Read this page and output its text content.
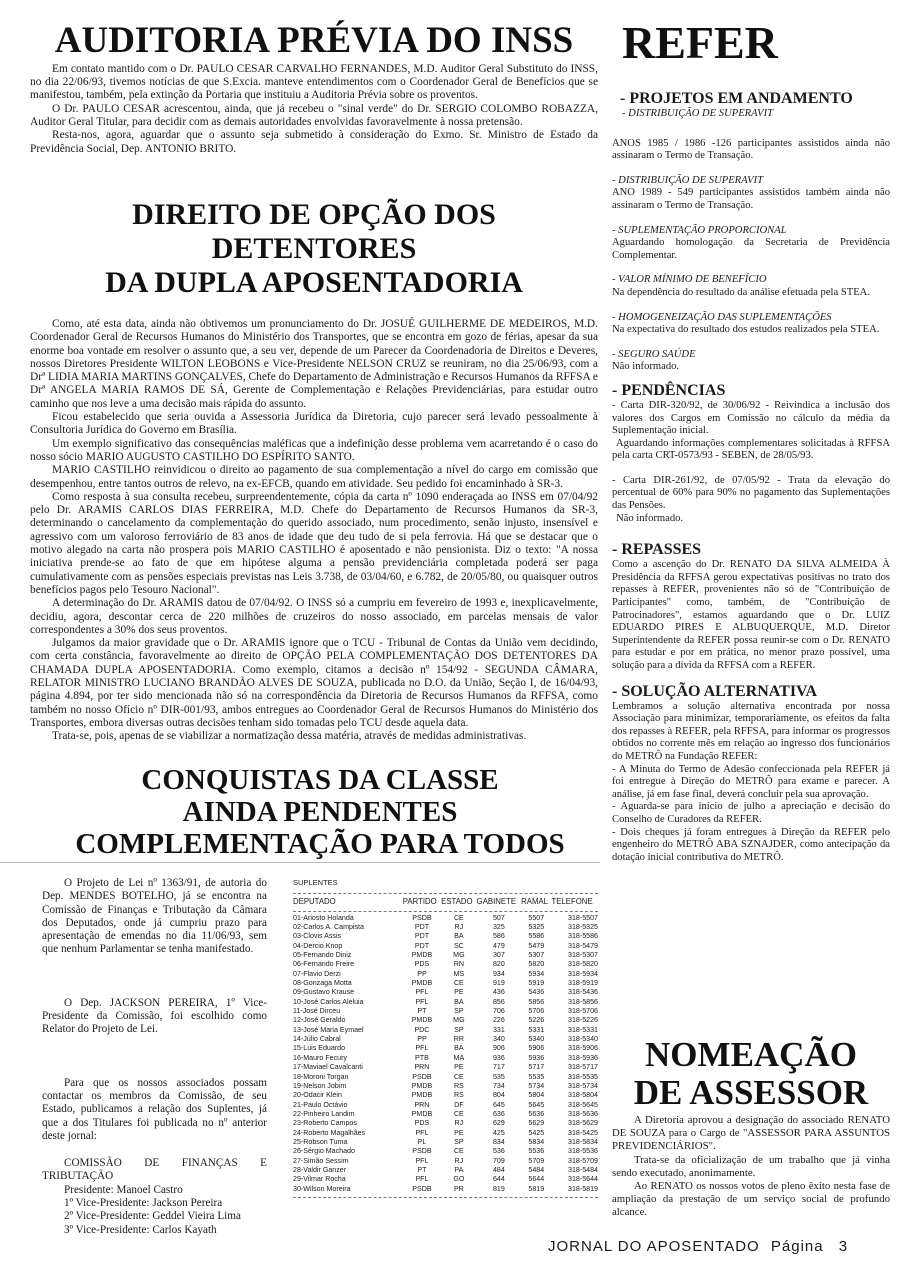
AUDITORIA PRÉVIA DO INSS

Em contato mantido com o Dr. PAULO CESAR CARVALHO FERNANDES, M.D. Auditor Geral Substituto do INSS, no dia 22/06/93, tivemos notícias de que S.Excia. manteve entendimentos com o Coordenador Geral de Benefícios que se manifestou, também, pela extinção da Portaria que instituiu a Auditoria Prévia sobre os proventos.

O Dr. PAULO CESAR acrescentou, ainda, que já recebeu o "sinal verde" do Dr. SERGIO COLOMBO ROBAZZA, Auditor Geral Titular, para decidir com as demais autoridades envolvidas favoravelmente à nossa pretensão.

Resta-nos, agora, aguardar que o assunto seja submetido à consideração do Exmo. Sr. Ministro de Estado da Previdência Social, Dep. ANTONIO BRITO.

DIREITO DE OPÇÃO DOS DETENTORES
DA DUPLA APOSENTADORIA

Como, até esta data, ainda não obtivemos um pronunciamento do Dr. JOSUÉ GUILHERME DE MEDEIROS, M.D. Coordenador Geral de Recursos Humanos do Ministério dos Transportes, que se encontra em gozo de férias, apesar da sua enorme boa vontade em resolver o assunto que, a seu ver, depende de um Parecer da Coordenadoria de Direitos e Deveres, nossos Diretores Presidente WILTON LEOBONS e Vice-Presidente NELSON CRUZ se reuniram, no dia 25/06/93, com a Drª LIDIA MARIA MARTINS GONÇALVES, Chefe do Departamento de Administração e Recursos Humanos da RFFSA e Drª ANGELA MARIA RAMOS DE SÁ, Gerente de Complementação e Relações Previdenciárias, para estudar outro caminho que nos leve a uma decisão mais rápida do assunto.

Ficou estabelecido que seria ouvida a Assessoria Jurídica da Diretoria, cujo parecer será levado pessoalmente à Consultoria Jurídica do Governo em Brasília.

Um exemplo significativo das consequências maléficas que a indefinição desse problema vem acarretando é o caso do nosso sócio MARIO AUGUSTO CASTILHO DO ESPÍRITO SANTO.

MARIO CASTILHO reinvidicou o direito ao pagamento de sua complementação a nível do cargo em comissão que desempenhou, entre tantos outros de relevo, na ex-EFCB, quando em atividade. Seu pedido foi encaminhado à SR-3.

Como resposta à sua consulta recebeu, surpreendentemente, cópia da carta nº 1090 enderaçada ao INSS em 07/04/92 pelo Dr. ARAMIS CARLOS DIAS FERREIRA, M.D. Chefe do Departamento de Recursos Humanos da SR-3, determinando o cancelamento da complementação do querido associado, num procedimento, senão injusto, insensível e agressivo com um valoroso ferroviário de 83 anos de idade que deu tudo de si pela ferrovia. Há que se destacar que o motivo alegado na carta não prospera pois MARIO CASTILHO é aposentado e não pensionista. Diz o texto: "A nossa iniciativa prende-se ao fato de que em hipótese alguma a pensão previdenciária completada poderá ser paga cumulativamente com as pensões especiais previstas nas Leis 3.738, de 03/04/60, e 6.782, de 20/05/80, ou quaisquer outros benefícios pagos pelo Tesouro Nacional".

A determinação do Dr. ARAMIS datou de 07/04/92. O INSS só a cumpriu em fevereiro de 1993 e, inexplicavelmente, decidiu, agora, descontar cerca de 220 milhões de cruzeiros do nosso associado, em parcelas mensais de valor correspondentes a 30% dos seus proventos.

Julgamos da maior gravidade que o Dr. ARAMIS ignore que o TCU - Tribunal de Contas da União vem decidindo, com certa constância, favoravelmente ao direito de OPÇÃO PELA COMPLEMENTAÇÃO DOS DETENTORES DA CHAMADA DUPLA APOSENTADORIA. Como exemplo, citamos a decisão nº 154/92 - SEGUNDA CÂMARA, RELATOR MINISTRO LUCIANO BRANDÃO ALVES DE SOUZA, publicada no D.O. da União, Seção I, de 16/04/93, página 4.894, por ter sido mencionada não só na correspondência da Diretoria de Recursos Humanos da RFFSA, como também no nosso Ofício nº DIR-001/93, ambos entregues ao Coordenador Geral de Recursos Humanos do Ministério dos Transportes, embora diversas outras decisões tenham sido tomadas pelo TCU desde aquela data.

Trata-se, pois, apenas de se viabilizar a normatização dessa matéria, através de medidas administrativas.

CONQUISTAS DA CLASSE
AINDA PENDENTES
COMPLEMENTAÇÃO PARA TODOS

O Projeto de Lei nº 1363/91, de autoria do Dep. MENDES BOTELHO, já se encontra na Comissão de Finanças e Tributação da Câmara dos Deputados, onde já cumpriu prazo para apresentação de emendas no dia 11/06/93, sem que nenhum Parlamentar se tenha manifestado.

O Dep. JACKSON PEREIRA, 1º Vice-Presidente da Comissão, foi escolhido como Relator do Projeto de Lei.

Para que os nossos associados possam contactar os membros da Comissão, de seu Estado, publicamos a relação dos Suplentes, já que a dos Titulares foi publicada no nº anterior deste jornal:

COMISSÃO DE FINANÇAS E TRIBUTAÇÃO

Presidente: Manoel Castro
1º Vice-Presidente: Jackson Pereira
2º Vice-Presidente: Geddel Vieira Lima
3º Vice-Presidente: Carlos Kayath
SUPLENTES
DEPUTADO	PARTIDO	ESTADO	GABINETE	RAMAL	TELEFONE

01-Ariosto Holanda	PSDB	CE	507	5507	318-5507
02-Carlos A. Campista	PDT	RJ	325	5325	318-5325
03-Clovis Assis	PDT	BA	586	5586	318-5586
04-Dercio Knop	PDT	SC	479	5479	318-5479
05-Fernando Diniz	PMDB	MG	307	5307	318-5307
06-Fernando Freire	PDS	RN	820	5820	318-5820
07-Flavio Derzi	PP	MS	934	5934	318-5934
08-Gonzaga Motta	PMDB	CE	919	5919	318-5919
09-Gustavo Krause	PFL	PE	436	5436	318-5436
10-José Carlos Aleluia	PFL	BA	856	5856	318-5856
11-José Dirceu	PT	SP	706	5706	318-5706
12-José Geraldo	PMDB	MG	226	5226	318-5226
13-José Maria Eymael	PDC	SP	331	5331	318-5331
14-Júlio Cabral	PP	RR	340	5340	318-5340
15-Luis Eduardo	PFL	BA	906	5906	318-5906
16-Mauro Fecury	PTB	MA	936	5936	318-5936
17-Maviael Cavalcanti	PRN	PE	717	5717	318-5717
18-Moroni Torgan	PSDB	CE	535	5535	318-5535
19-Nelson Jobim	PMDB	RS	734	5734	318-5734
20-Odacir Klein	PMDB	RS	804	5804	318-5804
21-Paulo Octávio	PRN	DF	645	5645	318-5645
22-Pinheiro Landim	PMDB	CE	636	5636	318-5636
23-Roberto Campos	PDS	RJ	629	5629	318-5629
24-Roberto Magalhães	PFL	PE	425	5425	318-5425
25-Robson Tuma	PL	SP	834	5834	318-5834
26-Sérgio Machado	PSDB	CE	536	5536	318-5536
27-Simão Sessim	PFL	RJ	709	5709	318-5709
28-Valdir Ganzer	PT	PA	484	5484	318-5484
29-Vilmar Rocha	PFL	GO	644	5644	318-5644
30-Wilson Moreira	PSDB	PR	819	5819	318-5819
REFER
- PROJETOS EM ANDAMENTO

- DISTRIBUIÇÃO DE SUPERAVIT

ANOS 1985 / 1986 -126 participantes assistidos ainda não assinaram o Termo de Transação.

- DISTRIBUIÇÃO DE SUPERAVIT

ANO 1989 - 549 participantes assistidos também ainda não assinaram o Termo de Transação.

- SUPLEMENTAÇÃO PROPORCIONAL

Aguardando homologação da Secretaria de Previdência Complementar.

- VALOR MÍNIMO DE BENEFÍCIO

Na dependência do resultado da análise efetuada pela STEA.

- HOMOGENEIZAÇÃO DAS SUPLEMENTAÇÕES

Na expectativa do resultado dos estudos realizados pela STEA.

- SEGURO SAÚDE

Não informado.

- PENDÊNCIAS

- Carta DIR-320/92, de 30/06/92 - Reivindica a inclusão dos valores dos Cargos em Comissão no cálculo da média da Suplementação inicial.

Aguardando informações complementares solicitadas à RFFSA pela carta CRT-0573/93 - SEBEN, de 28/05/93.

- Carta DIR-261/92, de 07/05/92 - Trata da elevação do percentual de 60% para 90% no pagamento das Suplementações das Pensões.

Não informado.

- REPASSES

Como a ascenção do Dr. RENATO DA SILVA ALMEIDA À Presidência da RFFSA gerou expectativas positivas no trato dos repasses à REFER, provenientes não só de "Contribuição de Participantes" como, também, de "Contribuição de Patrocinadores", estamos aguardando que o Dr. LUIZ EDUARDO PIRES E ALBUQUERQUE, M.D. Diretor Superintendente da REFER possa reunir-se com o Dr. RENATO para estudar e por em prática, no menor prazo possível, uma solução para a dívida da RFFSA com a REFER.

- SOLUÇÃO ALTERNATIVA

Lembramos a solução alternativa encontrada por nossa Associação para minimizar, temporariamente, os efeitos da falta dos repasses à REFER, pela RFFSA, para informar os progressos obtidos no corrente mês em relação ao ingresso dos funcionários do METRÔ na Fundação REFER:

- A Minuta do Termo de Adesão confeccionada pela REFER já foi entregue à Direção do METRÔ para exame e parecer. A análise, já em fase final, deverá concluir pela sua aprovação.

- Aguarda-se para início de julho a apreciação e decisão do Conselho de Curadores da REFER.

- Dois cheques já foram entregues à Direção da REFER pelo engenheiro do METRÔ ABA SZNAJDER, como antecipação da dotação inicial contributiva do METRÔ.

NOMEAÇÃO
DE ASSESSOR

A Diretoria aprovou a designação do associado RENATO DE SOUZA para o Cargo de "ASSESSOR PARA ASSUNTOS PREVIDENCIÁRIOS".

Trata-se da oficialização de um trabalho que já vinha sendo executado, anonimamente.

Ao RENATO os nossos votos de pleno êxito nesta fase de ampliação da prestação de um serviço social de profundo alcance.

JORNAL DO APOSENTADO Página 3
